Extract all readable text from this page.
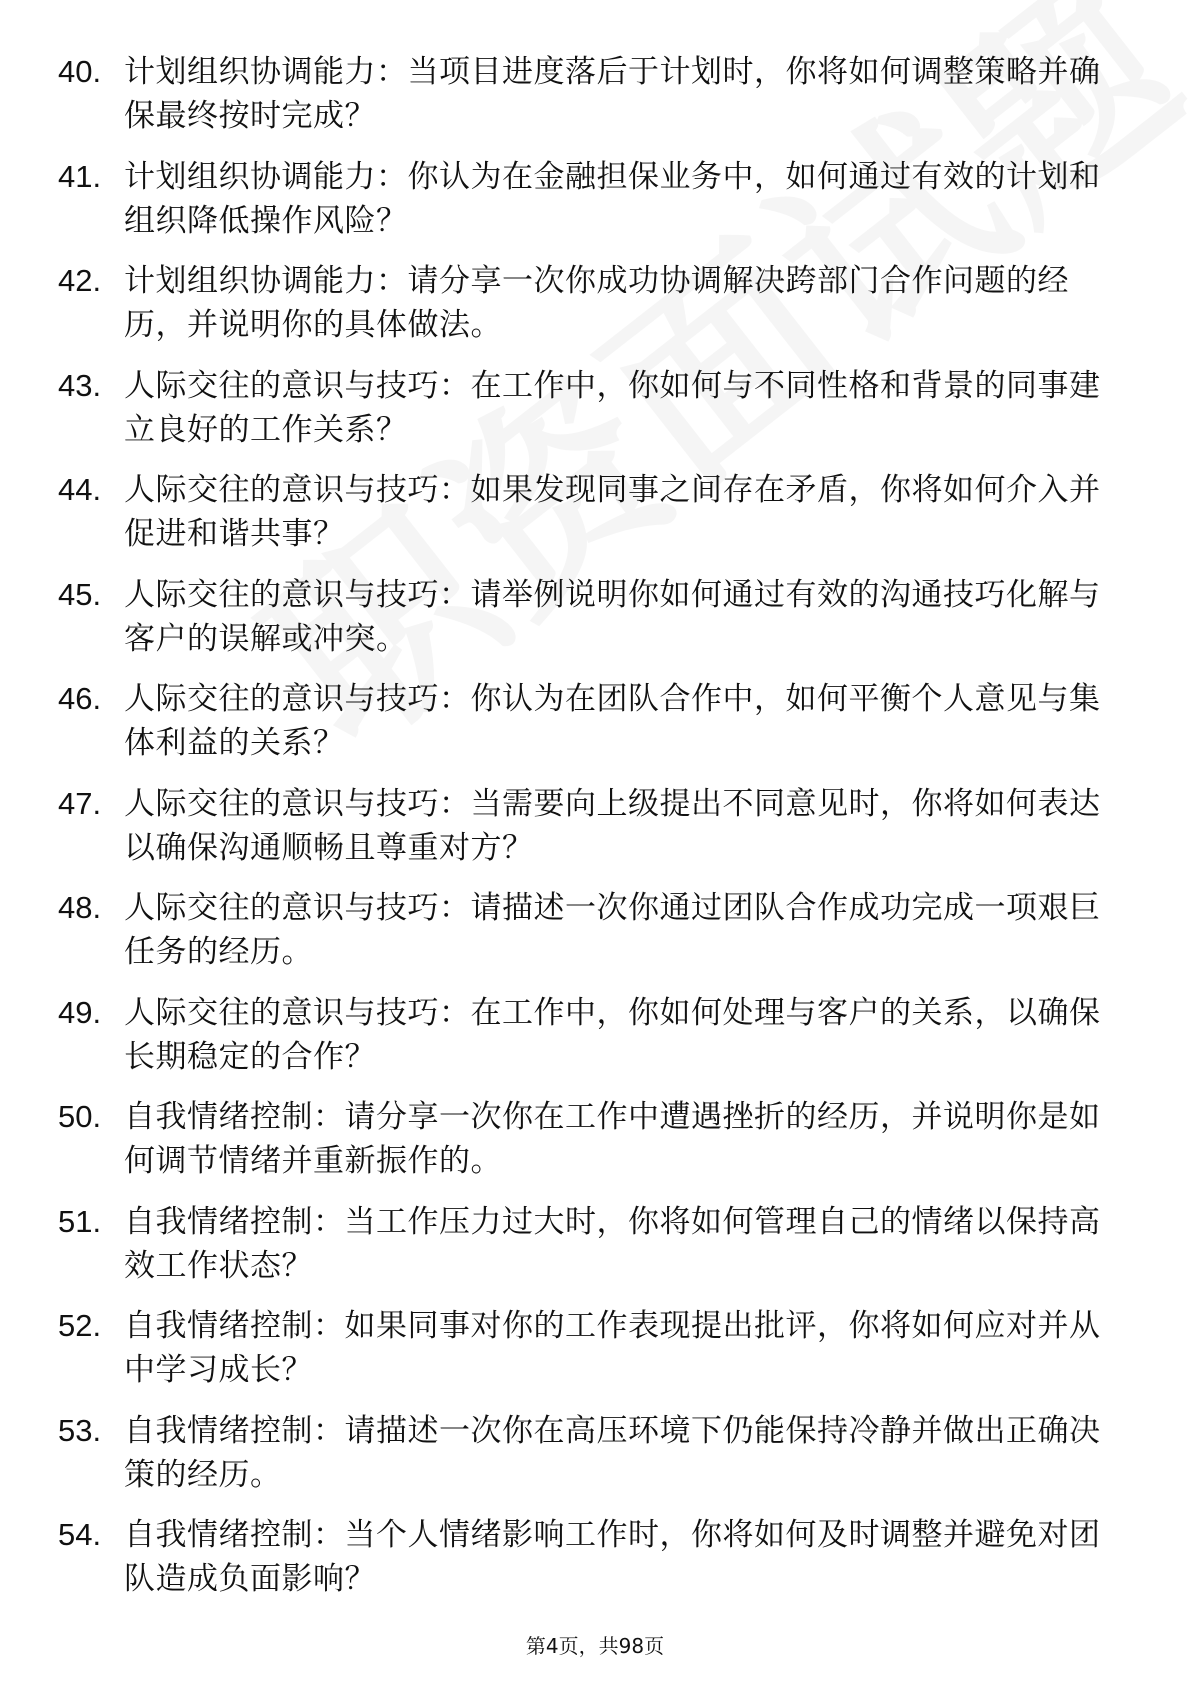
40. 计划组织协调能力：当项目进度落后于计划时，你将如何调整策略并确保最终按时完成？
41. 计划组织协调能力：你认为在金融担保业务中，如何通过有效的计划和组织降低操作风险？
42. 计划组织协调能力：请分享一次你成功协调解决跨部门合作问题的经历，并说明你的具体做法。
43. 人际交往的意识与技巧：在工作中，你如何与不同性格和背景的同事建立良好的工作关系？
44. 人际交往的意识与技巧：如果发现同事之间存在矛盾，你将如何介入并促进和谐共事？
45. 人际交往的意识与技巧：请举例说明你如何通过有效的沟通技巧化解与客户的误解或冲突。
46. 人际交往的意识与技巧：你认为在团队合作中，如何平衡个人意见与集体利益的关系？
47. 人际交往的意识与技巧：当需要向上级提出不同意见时，你将如何表达以确保沟通顺畅且尊重对方？
48. 人际交往的意识与技巧：请描述一次你通过团队合作成功完成一项艰巨任务的经历。
49. 人际交往的意识与技巧：在工作中，你如何处理与客户的关系，以确保长期稳定的合作？
50. 自我情绪控制：请分享一次你在工作中遭遇挫折的经历，并说明你是如何调节情绪并重新振作的。
51. 自我情绪控制：当工作压力过大时，你将如何管理自己的情绪以保持高效工作状态？
52. 自我情绪控制：如果同事对你的工作表现提出批评，你将如何应对并从中学习成长？
53. 自我情绪控制：请描述一次你在高压环境下仍能保持冷静并做出正确决策的经历。
54. 自我情绪控制：当个人情绪影响工作时，你将如何及时调整并避免对团队造成负面影响？
第4页，共98页
